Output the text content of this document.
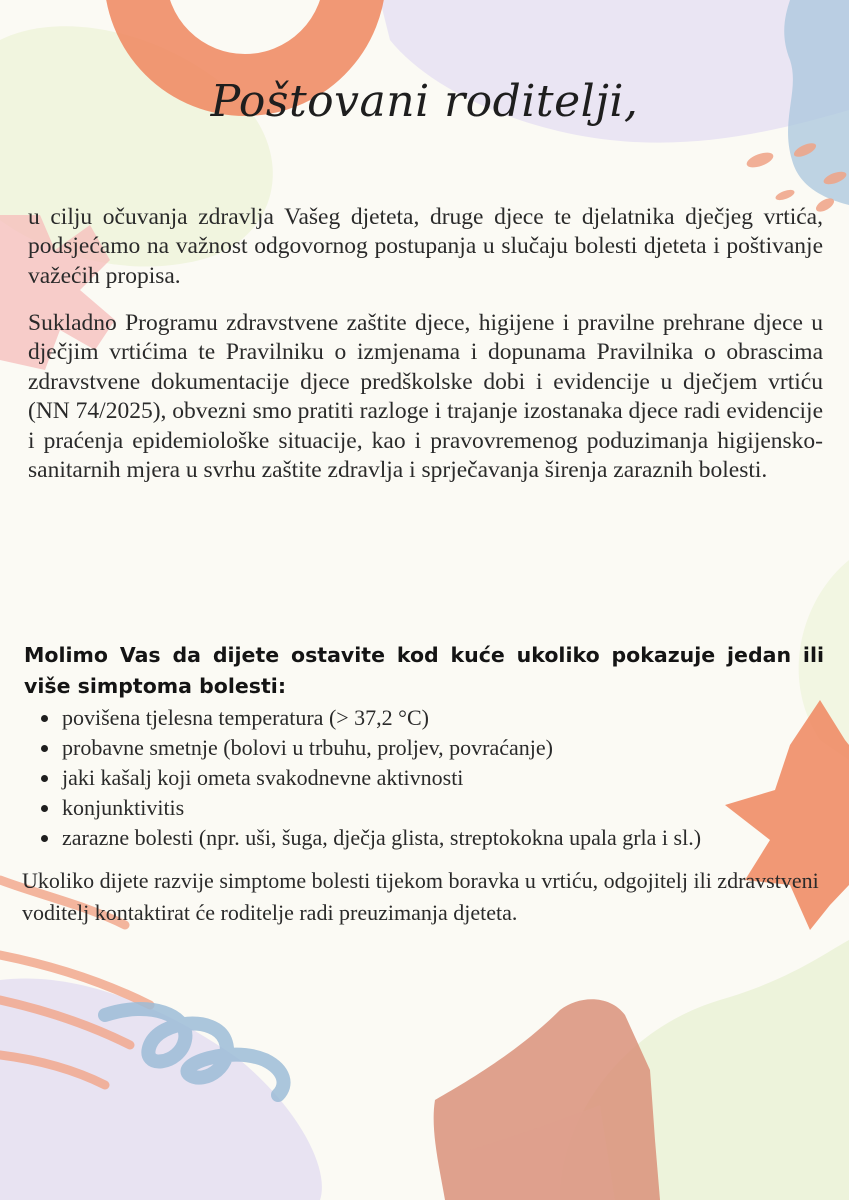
Poštovani roditelji,

u cilju očuvanja zdravlja Vašeg djeteta, druge djece te djelatnika dječjeg vrtića, podsjećamo na važnost odgovornog postupanja u slučaju bolesti djeteta i poštivanje važećih propisa.

Sukladno Programu zdravstvene zaštite djece, higijene i pravilne prehrane djece u dječjim vrtićima te Pravilniku o izmjenama i dopunama Pravilnika o obrascima zdravstvene dokumentacije djece predškolske dobi i evidencije u dječjem vrtiću (NN 74/2025), obvezni smo pratiti razloge i trajanje izostanaka djece radi evidencije i praćenja epidemiološke situacije, kao i pravovremenog poduzimanja higijensko-sanitarnih mjera u svrhu zaštite zdravlja i sprječavanja širenja zaraznih bolesti.

Molimo Vas da dijete ostavite kod kuće ukoliko pokazuje jedan ili više simptoma bolesti:

povišena tjelesna temperatura (> 37,2 °C)
probavne smetnje (bolovi u trbuhu, proljev, povraćanje)
jaki kašalj koji ometa svakodnevne aktivnosti
konjunktivitis
zarazne bolesti (npr. uši, šuga, dječja glista, streptokokna upala grla i sl.)

Ukoliko dijete razvije simptome bolesti tijekom boravka u vrtiću, odgojitelj ili zdravstveni voditelj kontaktirat će roditelje radi preuzimanja djeteta.
